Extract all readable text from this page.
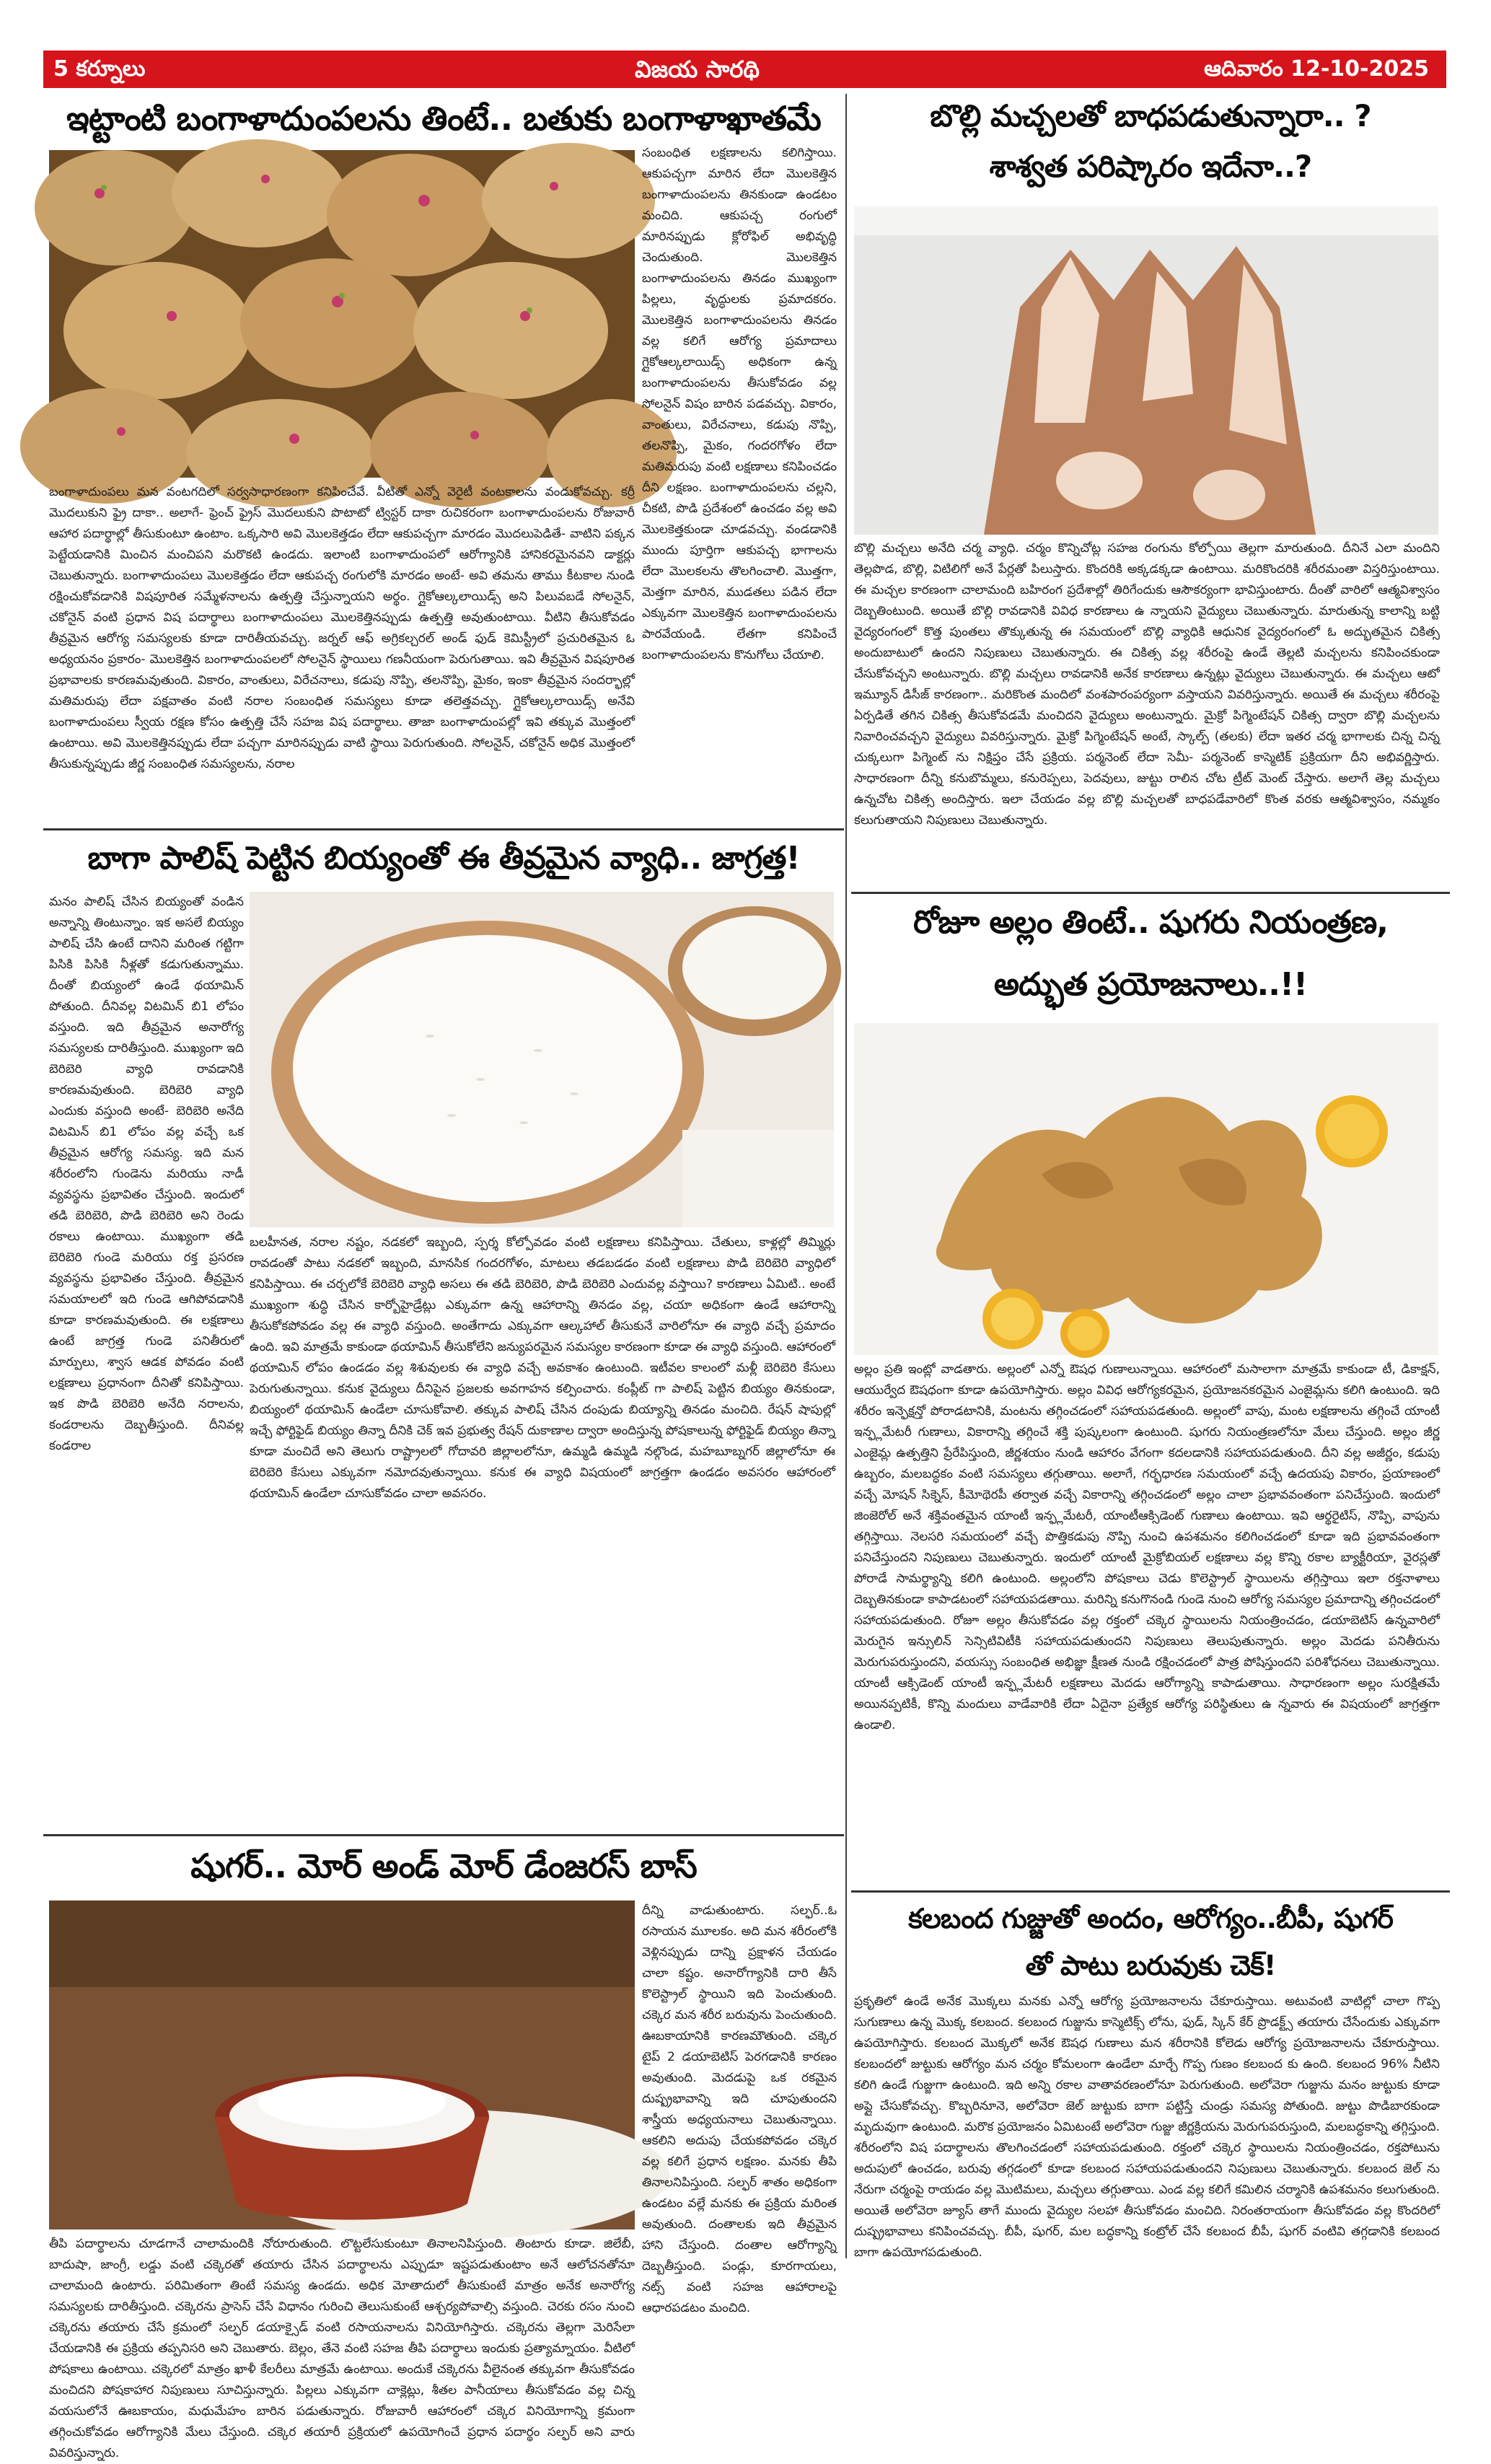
5 కర్నూలు	విజయ సారథి	ఆదివారం 12-10-2025
ఇట్టాంటి బంగాళాదుంపలను తింటే.. బతుకు బంగాళాఖాతమే
సంబంధిత లక్షణాలను కలిగిస్తాయి. ఆకుపచ్చగా మారిన లేదా మొలకెత్తిన బంగాళాదుంపలను తినకుండా ఉండటం మంచిది. ఆకుపచ్చ రంగులో మారినప్పుడు క్లోరోఫిల్ అభివృద్ధి చెందుతుంది. మొలకెత్తిన బంగాళాదుంపలను తినడం ముఖ్యంగా పిల్లలు, వృద్ధులకు ప్రమాదకరం. మొలకెత్తిన బంగాళాదుంపలను తినడం వల్ల కలిగే ఆరోగ్య ప్రమాదాలు గ్లైకోఆల్కలాయిడ్స్ అధికంగా ఉన్న బంగాళాదుంపలను తీసుకోవడం వల్ల సోలనైన్ విషం బారిన పడవచ్చు. వికారం, వాంతులు, విరేచనాలు, కడుపు నొప్పి, తలనొప్పి, మైకం, గందరగోళం లేదా మతిమరుపు వంటి లక్షణాలు కనిపించడం దీని లక్షణం. బంగాళాదుంపలను చల్లని, చీకటి, పొడి ప్రదేశంలో ఉంచడం వల్ల అవి మొలకెత్తకుండా చూడవచ్చు. వండడానికి ముందు పూర్తిగా ఆకుపచ్చ భాగాలను లేదా మొలకలను తొలగించాలి. మొత్తగా, మెత్తగా మారిన, ముడతలు పడిన లేదా ఎక్కువగా మొలకెత్తిన బంగాళాదుంపలను పారవేయండి. లేతగా కనిపించే బంగాళాదుంపలను కొనుగోలు చేయాలి.
బంగాళాదుంపలు మన వంటగదిలో సర్వసాధారణంగా కనిపించేవే. వీటితో ఎన్నో వెరైటీ వంటకాలను వండుకోవచ్చు. కర్రీ మొదలుకుని ఫ్రై దాకా.. అలాగే- ఫ్రెంచ్ ఫ్రైస్ మొదలుకుని పొటాటో ట్విస్టర్ దాకా రుచికరంగా బంగాళాదుంపలను రోజువారీ ఆహార పదార్థాల్లో తీసుకుంటూ ఉంటాం. ఒక్కసారి అవి మొలకెత్తడం లేదా ఆకుపచ్చగా మారడం మొదలుపెడితే- వాటిని పక్కన పెట్టేయడానికి మించిన మంచిపని మరొకటి ఉండదు. ఇలాంటి బంగాళాదుంపలో ఆరోగ్యానికి హానికరమైనవని డాక్టర్లు చెబుతున్నారు. బంగాళాదుంపలు మొలకెత్తడం లేదా ఆకుపచ్చ రంగులోకి మారడం అంటే- అవి తమను తాము కీటకాల నుండి రక్షించుకోవడానికి విషపూరిత సమ్మేళనాలను ఉత్పత్తి చేస్తున్నాయని అర్థం. గ్లైకోఆల్కలాయిడ్స్ అని పిలువబడే సోలనైన్, చకోనైన్ వంటి ప్రధాన విష పదార్థాలు బంగాళాదుంపలు మొలకెత్తినప్పుడు ఉత్పత్తి అవుతుంటాయి. వీటిని తీసుకోవడం తీవ్రమైన ఆరోగ్య సమస్యలకు కూడా దారితీయవచ్చు. జర్నల్ ఆఫ్ అగ్రికల్చరల్ అండ్ ఫుడ్ కెమిస్ట్రీలో ప్రచురితమైన ఓ అధ్యయనం ప్రకారం- మొలకెత్తిన బంగాళాదుంపలలో సోలనైన్ స్థాయిలు గణనీయంగా పెరుగుతాయి. ఇవి తీవ్రమైన విషపూరిత ప్రభావాలకు కారణమవుతుంది. వికారం, వాంతులు, విరేచనాలు, కడుపు నొప్పి, తలనొప్పి, మైకం, ఇంకా తీవ్రమైన సందర్భాల్లో మతిమరుపు లేదా పక్షవాతం వంటి నరాల సంబంధిత సమస్యలు కూడా తలెత్తవచ్చు. గ్లైకోఆల్కలాయిడ్స్ అనేవి బంగాళాదుంపలు స్వీయ రక్షణ కోసం ఉత్పత్తి చేసే సహజ విష పదార్థాలు. తాజా బంగాళాదుంపల్లో ఇవి తక్కువ మొత్తంలో ఉంటాయి. అవి మొలకెత్తినప్పుడు లేదా పచ్చగా మారినప్పుడు వాటి స్థాయి పెరుగుతుంది. సోలనైన్, చకోనైన్ అధిక మొత్తంలో తీసుకున్నప్పుడు జీర్ణ సంబంధిత సమస్యలను, నరాల
బొల్లి మచ్చలతో బాధపడుతున్నారా.. ?
శాశ్వత పరిష్కారం ఇదేనా..?
బొల్లి మచ్చలు అనేది చర్మ వ్యాధి. చర్మం కొన్నిచోట్ల సహజ రంగును కోల్పోయి తెల్లగా మారుతుంది. దీనినే ఎలా మందిని తెల్లపొడ, బొల్లి, విటిలిగో అనే పేర్లతో పిలుస్తారు. కొందరికి అక్కడక్కడా ఉంటాయి. మరికొందరికి శరీరమంతా విస్తరిస్తుంటాయి. ఈ మచ్చల కారణంగా చాలామంది బహిరంగ ప్రదేశాల్లో తిరిగేందుకు ఆసౌకర్యంగా భావిస్తుంటారు. దీంతో వారిలో ఆత్మవిశ్వాసం దెబ్బతింటుంది. అయితే బొల్లి రావడానికి వివిధ కారణాలు ఉ న్నాయని వైద్యులు చెబుతున్నారు. మారుతున్న కాలాన్ని బట్టి వైద్యరంగంలో కొత్త పుంతలు తొక్కుతున్న ఈ సమయంలో బొల్లి వ్యాధికి ఆధునిక వైద్యరంగంలో ఓ అద్భుతమైన చికిత్స అందుబాటులో ఉందని నిపుణులు చెబుతున్నారు. ఈ చికిత్స వల్ల శరీరంపై ఉండే తెల్లటి మచ్చలను కనిపించకుండా చేసుకోవచ్చని అంటున్నారు. బొల్లి మచ్చలు రావడానికి అనేక కారణాలు ఉన్నట్లు వైద్యులు చెబుతున్నారు. ఈ మచ్చలు ఆటో ఇమ్యూన్ డిసీజ్ కారణంగా.. మరికొంత మందిలో వంశపారంపర్యంగా వస్తాయని వివరిస్తున్నారు. అయితే ఈ మచ్చలు శరీరంపై ఏర్పడితే తగిన చికిత్స తీసుకోవడమే మంచిదని వైద్యులు అంటున్నారు. మైక్రో పిగ్మెంటేషన్ చికిత్స ద్వారా బొల్లి మచ్చలను నివారించవచ్చని వైద్యులు వివరిస్తున్నారు. మైక్రో పిగ్మెంటేషన్ అంటే, స్కాల్ప్ (తలకు) లేదా ఇతర చర్మ భాగాలకు చిన్న చిన్న చుక్కలుగా పిగ్మెంట్ ను నిక్షిప్తం చేసే ప్రక్రియ. పర్మనెంట్ లేదా సెమీ- పర్మనెంట్ కాస్మెటిక్ ప్రక్రియగా దీని అభివర్ణిస్తారు. సాధారణంగా దీన్ని కనుబొమ్మలు, కనురెప్పలు, పెదవులు, జుట్టు రాలిన చోట ట్రీట్ మెంట్ చేస్తారు. అలాగే తెల్ల మచ్చలు ఉన్నచోట చికిత్స అందిస్తారు. ఇలా చేయడం వల్ల బొల్లి మచ్చలతో బాధపడేవారిలో కొంత వరకు ఆత్మవిశ్వాసం, నమ్మకం కలుగుతాయని నిపుణులు చెబుతున్నారు.
బాగా పాలిష్ పెట్టిన బియ్యంతో ఈ తీవ్రమైన వ్యాధి.. జాగ్రత్త!
మనం పాలిష్ చేసిన బియ్యంతో వండిన అన్నాన్ని తింటున్నాం. ఇక అసలే బియ్యం పాలిష్ చేసి ఉంటే దానిని మరింత గట్టిగా పిసికి పిసికి నీళ్లతో కడుగుతున్నాము. దీంతో బియ్యంలో ఉండే థయామిన్ పోతుంది. దీనివల్ల విటమిన్ బి1 లోపం వస్తుంది. ఇది తీవ్రమైన అనారోగ్య సమస్యలకు దారితీస్తుంది. ముఖ్యంగా ఇది బెరిబెరి వ్యాధి రావడానికి కారణమవుతుంది. బెరిబెరి వ్యాధి ఎందుకు వస్తుంది అంటే- బెరిబెరి అనేది విటమిన్ బి1 లోపం వల్ల వచ్చే ఒక తీవ్రమైన ఆరోగ్య సమస్య. ఇది మన శరీరంలోని గుండెను మరియు నాడీ వ్యవస్థను ప్రభావితం చేస్తుంది. ఇందులో తడి బెరిబెరి, పొడి బెరిబెరి అని రెండు రకాలు ఉంటాయి. ముఖ్యంగా తడి బెరిబెరి గుండె మరియు రక్త ప్రసరణ వ్యవస్థను ప్రభావితం చేస్తుంది. తీవ్రమైన సమయాలలో ఇది గుండె ఆగిపోవడానికి కూడా కారణమవుతుంది. ఈ లక్షణాలు ఉంటే జాగ్రత్త గుండె పనితీరులో మార్పులు, శ్వాస ఆడక పోవడం వంటి లక్షణాలు ప్రధానంగా దీనితో కనిపిస్తాయి. ఇక పొడి బెరిబెరి అనేది నరాలను, కండరాలను దెబ్బతీస్తుంది. దీనివల్ల కండరాల
బలహీనత, నరాల నష్టం, నడకలో ఇబ్బంది, స్పర్శ కోల్పోవడం వంటి లక్షణాలు కనిపిస్తాయి. చేతులు, కాళ్లల్లో తిమ్మిర్లు రావడంతో పాటు నడకలో ఇబ్బంది, మానసిక గందరగోళం, మాటలు తడబడడం వంటి లక్షణాలు పొడి బెరిబెరి వ్యాధిలో కనిపిస్తాయి. ఈ చర్చలోకే బెరిబెరి వ్యాధి అసలు ఈ తడి బెరిబెరి, పొడి బెరిబెరి ఎందువల్ల వస్తాయి? కారణాలు ఏమిటి.. అంటే ముఖ్యంగా శుద్ధి చేసిన కార్బోహైడ్రేట్లు ఎక్కువగా ఉన్న ఆహారాన్ని తినడం వల్ల, చయా అధికంగా ఉండే ఆహారాన్ని తీసుకోకపోవడం వల్ల ఈ వ్యాధి వస్తుంది. అంతేగాదు ఎక్కువగా ఆల్కహాల్ తీసుకునే వారిలోనూ ఈ వ్యాధి వచ్చే ప్రమాదం ఉంది. ఇవి మాత్రమే కాకుండా థయామిన్ తీసుకోలేని జన్యుపరమైన సమస్యల కారణంగా కూడా ఈ వ్యాధి వస్తుంది. ఆహారంలో థయామిన్ లోపం ఉండడం వల్ల శిశువులకు ఈ వ్యాధి వచ్చే అవకాశం ఉంటుంది. ఇటీవల కాలంలో మళ్లీ బెరిబెరి కేసులు పెరుగుతున్నాయి. కనుక వైద్యులు దీనిపైన ప్రజలకు అవగాహన కల్పించారు. కంప్లీట్ గా పాలిష్ పెట్టిన బియ్యం తినకుండా, బియ్యంలో థయామిన్ ఉండేలా చూసుకోవాలి. తక్కువ పాలిష్ చేసిన దంపుడు బియ్యాన్ని తినడం మంచిది. రేషన్ షాపుల్లో ఇచ్చే ఫోర్టిఫైడ్ బియ్యం తిన్నా దీనికి చెక్ ఇవ ప్రభుత్వ రేషన్ దుకాణాల ద్వారా అందిస్తున్న పోషకాలున్న ఫోర్టిఫైడ్ బియ్యం తిన్నా కూడా మంచిదే అని తెలుగు రాష్ట్రాలలో గోదావరి జిల్లాలలోనూ, ఉమ్మడి ఉమ్మడి నల్గొండ, మహబూబ్నగర్ జిల్లాలోనూ ఈ బెరిబెరి కేసులు ఎక్కువగా నమోదవుతున్నాయి. కనుక ఈ వ్యాధి విషయంలో జాగ్రత్తగా ఉండడం అవసరం ఆహారంలో థయామిన్ ఉండేలా చూసుకోవడం చాలా అవసరం.
రోజూ అల్లం తింటే.. షుగరు నియంత్రణ,
అద్భుత ప్రయోజనాలు..!!
అల్లం ప్రతి ఇంట్లో వాడతారు. అల్లంలో ఎన్నో ఔషధ గుణాలున్నాయి. ఆహారంలో మసాలాగా మాత్రమే కాకుండా టీ, డికాక్షన్, ఆయుర్వేద ఔషధంగా కూడా ఉపయోగిస్తారు. అల్లం వివిధ ఆరోగ్యకరమైన, ప్రయోజనకరమైన ఎంజైమ్లను కలిగి ఉంటుంది. ఇది శరీరం ఇన్ఫెక్షన్తో పోరాడటానికి, మంటను తగ్గించడంలో సహాయపడతుంది. అల్లంలో వాపు, మంట లక్షణాలను తగ్గించే యాంటీ ఇన్ఫ్లమేటరీ గుణాలు, వికారాన్ని తగ్గించే శక్తి పుష్కలంగా ఉంటుంది. షుగరు నియంత్రణలోనూ మేలు చేస్తుంది. అల్లం జీర్ణ ఎంజైమ్ల ఉత్పత్తిని ప్రేరేపిస్తుంది, జీర్ణశయం నుండి ఆహారం వేగంగా కదలడానికి సహాయపడుతుంది. దీని వల్ల అజీర్ణం, కడుపు ఉబ్బరం, మలబద్ధకం వంటి సమస్యలు తగ్గుతాయి. అలాగే, గర్భధారణ సమయంలో వచ్చే ఉదయపు వికారం, ప్రయాణంలో వచ్చే మోషన్ సిక్నెస్, కీమోథెరపీ తర్వాత వచ్చే వికారాన్ని తగ్గించడంలో అల్లం చాలా ప్రభావవంతంగా పనిచేస్తుంది. ఇందులో జింజెరోల్ అనే శక్తివంతమైన యాంటీ ఇన్ఫ్లమేటరీ, యాంటీఆక్సిడెంట్ గుణాలు ఉంటాయి. ఇవి ఆర్థరైటిస్, నొప్పి, వాపును తగ్గిస్తాయి. నెలసరి సమయంలో వచ్చే పొత్తికడుపు నొప్పి నుంచి ఉపశమనం కలిగించడంలో కూడా ఇది ప్రభావవంతంగా పనిచేస్తుందని నిపుణులు చెబుతున్నారు. ఇందులో యాంటీ మైక్రోబియల్ లక్షణాలు వల్ల కొన్ని రకాల బ్యాక్టీరియా, వైరస్లతో పోరాడే సామర్థ్యాన్ని కలిగి ఉంటుంది. అల్లంలోని పోషకాలు చెడు కొలెస్ట్రాల్ స్థాయిలను తగ్గిస్తాయి ఇలా రక్తనాళాలు దెబ్బతినకుండా కాపాడటంలో సహాయపడతాయి. మరిన్ని కనుగొనండి గుండె నుంచి ఆరోగ్య సమస్యల ప్రమాదాన్ని తగ్గించడంలో సహాయపడుతుంది. రోజూ అల్లం తీసుకోవడం వల్ల రక్తంలో చక్కెర స్థాయిలను నియంత్రించడం, డయాబెటిస్ ఉన్నవారిలో మెరుగైన ఇన్సులిన్ సెన్సిటివిటీకి సహాయపడుతుందని నిపుణులు తెలుపుతున్నారు. అల్లం మెదడు పనితీరును మెరుగుపరుస్తుందని, వయస్సు సంబంధిత అభిజ్ఞా క్షీణత నుండి రక్షించడంలో పాత్ర పోషిస్తుందని పరిశోధనలు చెబుతున్నాయి. యాంటీ ఆక్సిడెంట్ యాంటీ ఇన్ఫ్లమేటరీ లక్షణాలు మెదడు ఆరోగ్యాన్ని కాపాడుతాయి. సాధారణంగా అల్లం సురక్షితమే అయినప్పటికీ, కొన్ని మందులు వాడేవారికి లేదా ఏదైనా ప్రత్యేక ఆరోగ్య పరిస్థితులు ఉ న్నవారు ఈ విషయంలో జాగ్రత్తగా ఉండాలి.
షుగర్.. మోర్ అండ్ మోర్ డేంజరస్ బాస్
దీన్ని వాడుతుంటారు. సల్ఫర్..ఓ రసాయన మూలకం. అది మన శరీరంలోకి వెళ్లినప్పుడు దాన్ని ప్రక్షాళన చేయడం చాలా కష్టం. అనారోగ్యానికి దారి తీసే కొలెస్ట్రాల్ స్థాయిని ఇది పెంచుతుంది. చక్కెర మన శరీర బరువును పెంచుతుంది. ఊబకాయానికి కారణమౌతుంది. చక్కెర టైప్ 2 డయాబెటిస్ పెరగడానికి కారణం అవుతుంది. మెదడుపై ఒక రకమైన దుష్ప్రభావాన్ని ఇది చూపుతుందని శాస్త్రీయ అధ్యయనాలు చెబుతున్నాయి. ఆకలిని అదుపు చేయకపోవడం చక్కెర వల్ల కలిగే ప్రధాన లక్షణం. మనకు తీపి తినాలనిపిస్తుంది. సల్ఫర్ శాతం అధికంగా ఉండటం వల్లే మనకు ఈ ప్రక్రియ మరింత అవుతుంది. దంతాలకు ఇది తీవ్రమైన హాని చేస్తుంది. దంతాల ఆరోగ్యాన్ని దెబ్బతీస్తుంది. పండ్లు, కూరగాయలు, నట్స్ వంటి సహజ ఆహారాలపై ఆధారపడటం మంచిది.
తీపి పదార్థాలను చూడగానే చాలామందికి నోరూరుతుంది. లొట్టలేసుకుంటూ తినాలనిపిస్తుంది. తింటారు కూడా. జిలేబీ, బాదుషా, జాంగ్రీ, లడ్డు వంటి చక్కెరతో తయారు చేసిన పదార్థాలను ఎప్పుడూ ఇష్టపడుతుంటాం అనే ఆలోచనతోనూ చాలామంది ఉంటారు. పరిమితంగా తింటే సమస్య ఉండదు. అధిక మోతాదులో తీసుకుంటే మాత్రం అనేక అనారోగ్య సమస్యలకు దారితీస్తుంది. చక్కెరను ప్రాసెస్ చేసే విధానం గురించి తెలుసుకుంటే ఆశ్చర్యపోవాల్సి వస్తుంది. చెరకు రసం నుంచి చక్కెరను తయారు చేసే క్రమంలో సల్ఫర్ డయాక్సైడ్ వంటి రసాయనాలను వినియోగిస్తారు. చక్కెరను తెల్లగా మెరిసేలా చేయడానికి ఈ ప్రక్రియ తప్పనిసరి అని చెబుతారు. బెల్లం, తేనె వంటి సహజ తీపి పదార్థాలు ఇందుకు ప్రత్యామ్నాయం. వీటిలో పోషకాలు ఉంటాయి. చక్కెరలో మాత్రం ఖాళీ కేలరీలు మాత్రమే ఉంటాయి. అందుకే చక్కెరను వీలైనంత తక్కువగా తీసుకోవడం మంచిదని పోషకాహార నిపుణులు సూచిస్తున్నారు. పిల్లలు ఎక్కువగా చాక్లెట్లు, శీతల పానీయాలు తీసుకోవడం వల్ల చిన్న వయసులోనే ఊబకాయం, మధుమేహం బారిన పడుతున్నారు. రోజువారీ ఆహారంలో చక్కెర వినియోగాన్ని క్రమంగా తగ్గించుకోవడం ఆరోగ్యానికి మేలు చేస్తుంది. చక్కెర తయారీ ప్రక్రియలో ఉపయోగించే ప్రధాన పదార్థం సల్ఫర్ అని వారు వివరిస్తున్నారు.
కలబంద గుజ్జుతో అందం, ఆరోగ్యం..బీపీ, షుగర్
తో పాటు బరువుకు చెక్!
ప్రకృతిలో ఉండే అనేక మొక్కలు మనకు ఎన్నో ఆరోగ్య ప్రయోజనాలను చేకూరుస్తాయి. అటువంటి వాటిల్లో చాలా గొప్ప సుగుణాలు ఉన్న మొక్క కలబంద. కలబంద గుజ్జును కాస్మెటిక్స్ లోను, ఫుడ్, స్కిన్ కేర్ ప్రొడక్ట్స్ తయారు చేసేందుకు ఎక్కువగా ఉపయోగిస్తారు. కలబంద మొక్కలో అనేక ఔషధ గుణాలు మన శరీరానికి కోలెడు ఆరోగ్య ప్రయోజనాలను చేకూరుస్తాయి. కలబందలో జుట్టుకు ఆరోగ్యం మన చర్మం కోమలంగా ఉండేలా మార్చే గొప్ప గుణం కలబంద కు ఉంది. కలబంద 96% నీటిని కలిగి ఉండే గుజ్జుగా ఉంటుంది. ఇది అన్ని రకాల వాతావరణంలోనూ పెరుగుతుంది. అలోవెరా గుజ్జును మనం జుట్టుకు కూడా అప్లై చేసుకోవచ్చు. కొబ్బరినూనె, అలోవెరా జెల్ జుట్టుకు బాగా పట్టిస్తే చుండ్రు సమస్య పోతుంది. జుట్టు పొడిబారకుండా మృదువుగా ఉంటుంది. మరొక ప్రయోజనం ఏమిటంటే అలోవెరా గుజ్జు జీర్ణక్రియను మెరుగుపరుస్తుంది, మలబద్ధకాన్ని తగ్గిస్తుంది. శరీరంలోని విష పదార్థాలను తొలగించడంలో సహాయపడుతుంది. రక్తంలో చక్కెర స్థాయిలను నియంత్రించడం, రక్తపోటును అదుపులో ఉంచడం, బరువు తగ్గడంలో కూడా కలబంద సహాయపడుతుందని నిపుణులు చెబుతున్నారు. కలబంద జెల్ ను నేరుగా చర్మంపై రాయడం వల్ల మొటిమలు, మచ్చలు తగ్గుతాయి. ఎండ వల్ల కలిగే కమిలిన చర్మానికి ఉపశమనం కలుగుతుంది. అయితే అలోవెరా జ్యూస్ తాగే ముందు వైద్యుల సలహా తీసుకోవడం మంచిది. నిరంతరాయంగా తీసుకోవడం వల్ల కొందరిలో దుష్ప్రభావాలు కనిపించవచ్చు. బీపీ, షుగర్, మల బద్ధకాన్ని కంట్రోల్ చేసే కలబంద బీపీ, షుగర్ వంటివి తగ్గడానికి కలబంద బాగా ఉపయోగపడుతుంది.
